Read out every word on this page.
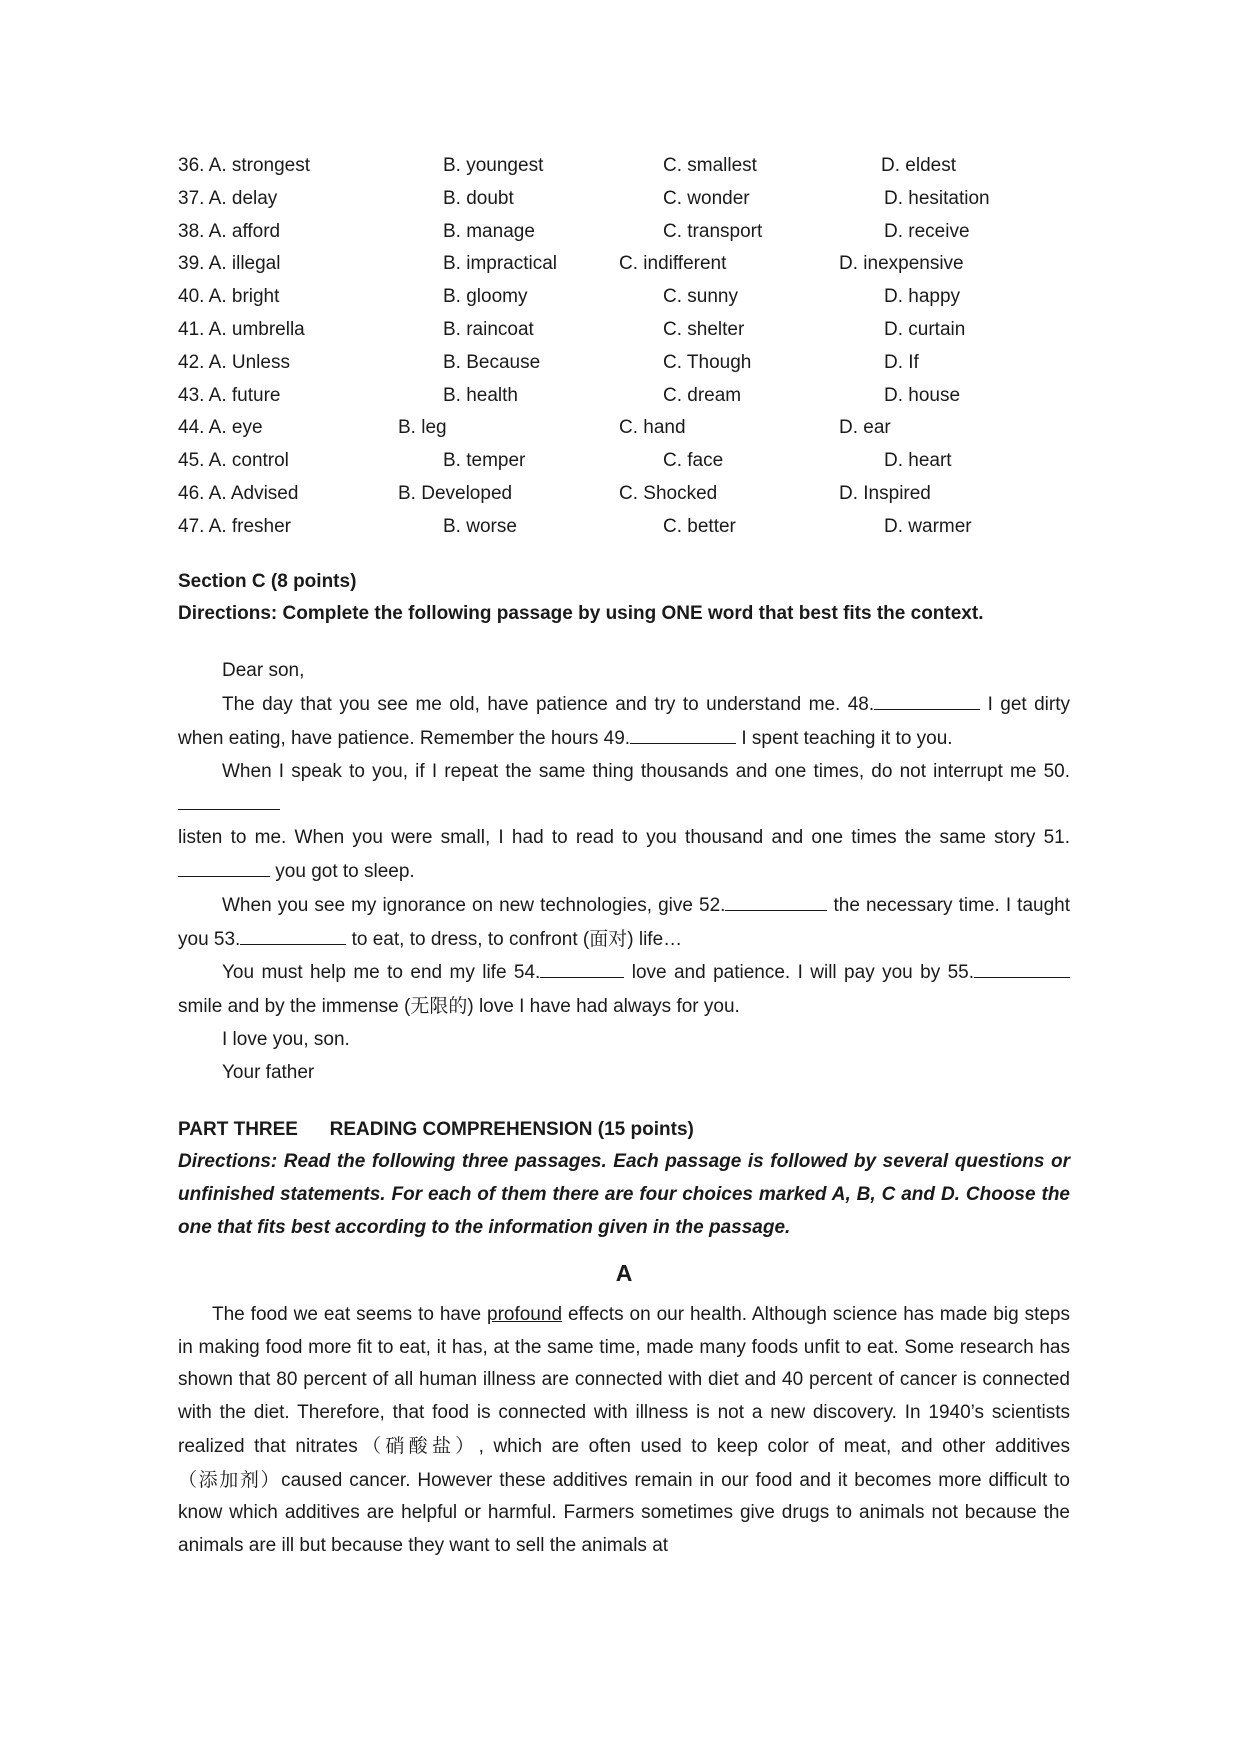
36. A. strongest	B. youngest	C. smallest	D. eldest
37. A. delay	B. doubt	C. wonder	D. hesitation
38. A. afford	B. manage	C. transport	D. receive
39. A. illegal	B. impractical	C. indifferent	D. inexpensive
40. A. bright	B. gloomy	C. sunny	D. happy
41. A. umbrella	B. raincoat	C. shelter	D. curtain
42. A. Unless	B. Because	C. Though	D. If
43. A. future	B. health	C. dream	D. house
44. A. eye	B. leg	C. hand	D. ear
45. A. control	B. temper	C. face	D. heart
46. A. Advised	B. Developed	C. Shocked	D. Inspired
47. A. fresher	B. worse	C. better	D. warmer
Section C (8 points)
Directions: Complete the following passage by using ONE word that best fits the context.
Dear son,
The day that you see me old, have patience and try to understand me. 48.	I get dirty when eating, have patience. Remember the hours 49.	I spent teaching it to you.
When I speak to you, if I repeat the same thing thousands and one times, do not interrupt me 50.
listen to me. When you were small, I had to read to you thousand and one times the same story 51. you got to sleep.
When you see my ignorance on new technologies, give 52.	the necessary time. I taught you 53.	to eat, to dress, to confront (面对) life…
You must help me to end my life 54.	love and patience. I will pay you by 55. smile and by the immense (无限的) love I have had always for you.
I love you, son.
Your father
PART THREE      READING COMPREHENSION (15 points)
Directions: Read the following three passages. Each passage is followed by several questions or unfinished statements. For each of them there are four choices marked A, B, C and D. Choose the one that fits best according to the information given in the passage.
A
The food we eat seems to have profound effects on our health. Although science has made big steps in making food more fit to eat, it has, at the same time, made many foods unfit to eat. Some research has shown that 80 percent of all human illness are connected with diet and 40 percent of cancer is connected with the diet. Therefore, that food is connected with illness is not a new discovery. In 1940’s scientists realized that nitrates（硝酸盐）, which are often used to keep color of meat, and other additives（添加剂）caused cancer. However these additives remain in our food and it becomes more difficult to know which additives are helpful or harmful. Farmers sometimes give drugs to animals not because the animals are ill but because they want to sell the animals at
